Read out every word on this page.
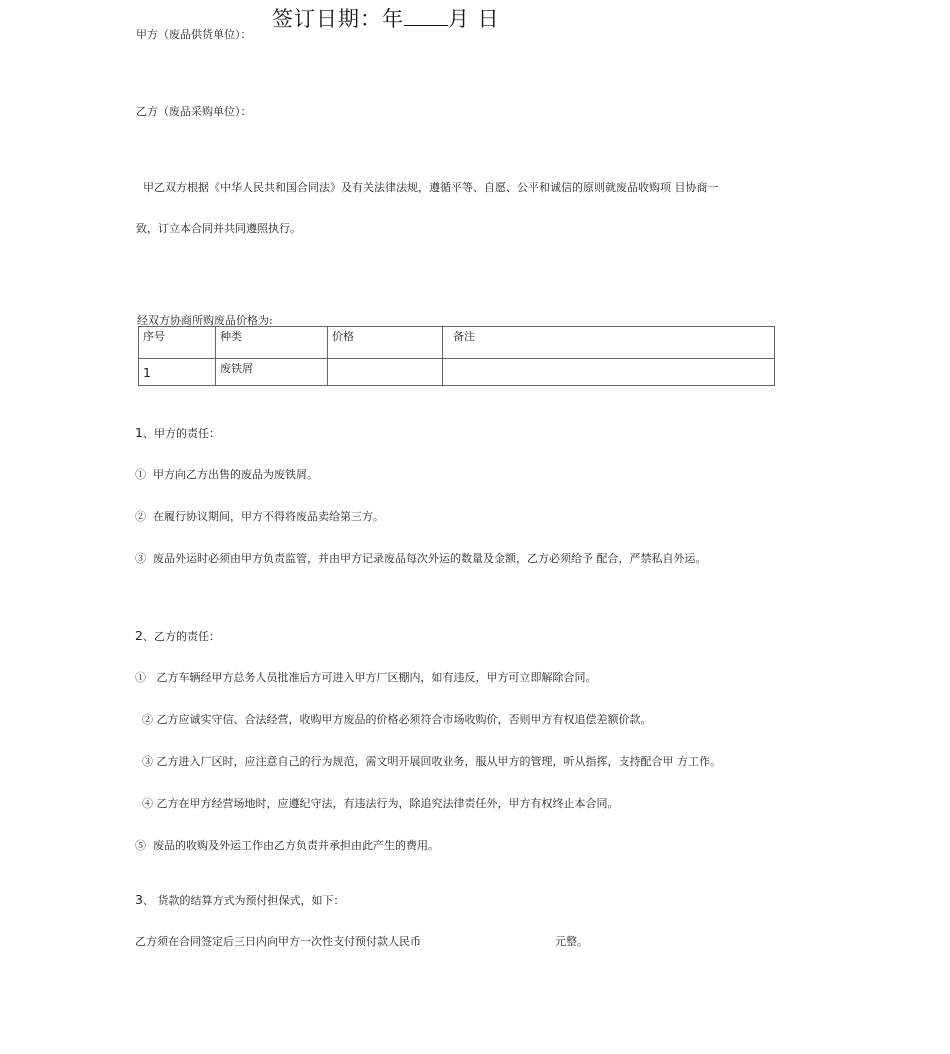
签订日期：年 月 日
甲方（废品供货单位）：
乙方（废品采购单位）：
甲乙双方根据《中华人民共和国合同法》及有关法律法规，遵循平等、自愿、公平和诚信的原则就废品收购项 目协商一
致，订立本合同并共同遵照执行。
经双方协商所购废品价格为:
序号	种类	价格	备注
1	废铁屑		
1、甲方的责任：
① 甲方向乙方出售的废品为废铁屑。
② 在履行协议期间，甲方不得将废品卖给第三方。
③ 废品外运时必须由甲方负责监管，并由甲方记录废品每次外运的数量及金额，乙方必须给予 配合，严禁私自外运。
2、乙方的责任：
① 乙方车辆经甲方总务人员批准后方可进入甲方厂区棚内，如有违反，甲方可立即解除合同。
② 乙方应诚实守信、合法经营，收购甲方废品的价格必须符合市场收购价，否则甲方有权追偿差额价款。
③ 乙方进入厂区时，应注意自己的行为规范，需文明开展回收业务，服从甲方的管理，听从指挥，支持配合甲 方工作。
④ 乙方在甲方经营场地时，应遵纪守法，有违法行为，除追究法律责任外，甲方有权终止本合同。
⑤ 废品的收购及外运工作由乙方负责并承担由此产生的费用。
3、 货款的结算方式为预付担保式，如下：
乙方须在合同签定后三日内向甲方一次性支付预付款人民币	元整。
